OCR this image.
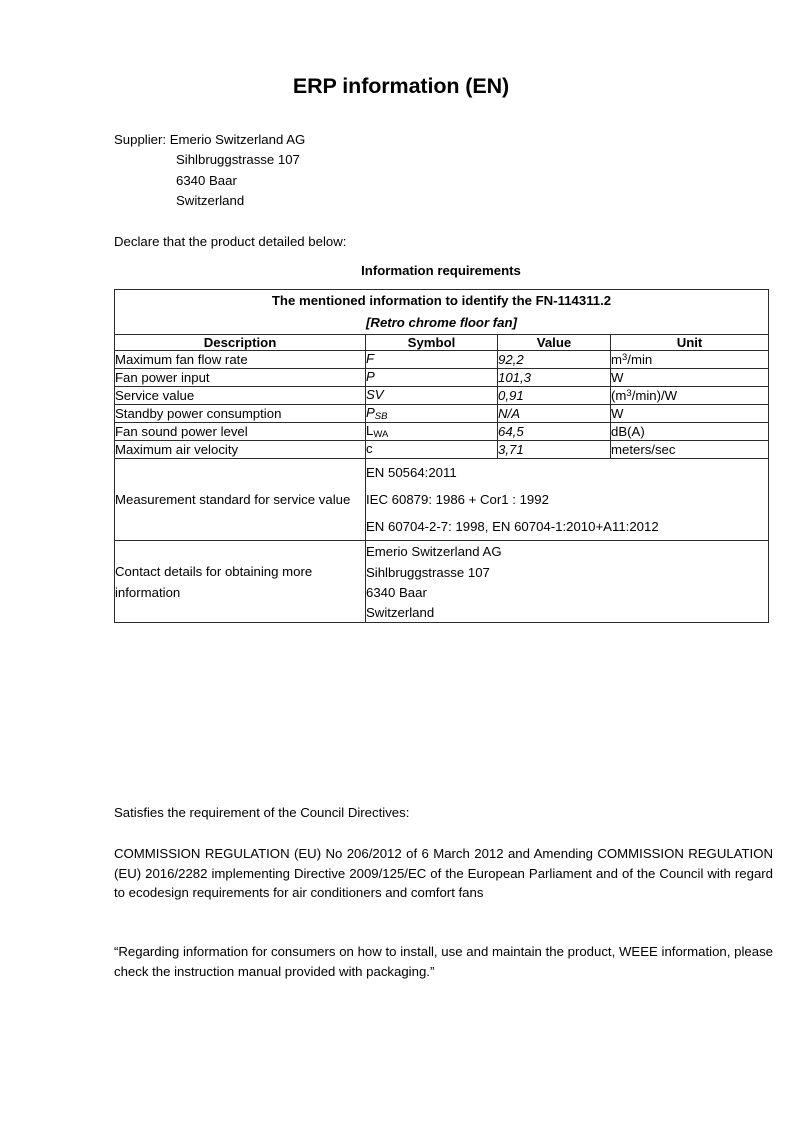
ERP information (EN)
Supplier: Emerio Switzerland AG
Sihlbruggstrasse 107
6340 Baar
Switzerland
Declare that the product detailed below:
Information requirements
The mentioned information to identify the FN-114311.2
[Retro chrome floor fan]			

Description	Symbol	Value	Unit
Maximum fan flow rate	F	92,2	$m^3/\min$
Fan power input	P	101,3	W
Service value	SV	0,91	$(m^3/\min)/W$
Standby power consumption	$P_{SB}$	N/A	W
Fan sound power level	$L_{WA}$	64,5	dB(A)
Maximum air velocity	c	3,71	meters/sec
Measurement standard for service value	EN 50564:2011
IEC 60879: 1986 + Cor1 : 1992
EN 60704-2-7: 1998, EN 60704-1:2010+A11:2012		

Contact details for obtaining more information	Emerio Switzerland AG
Sihlbruggstrasse 107
6340 Baar
Switzerland		
Satisfies the requirement of the Council Directives:
COMMISSION REGULATION (EU) No 206/2012 of 6 March 2012 and Amending COMMISSION REGULATION (EU) 2016/2282 implementing Directive 2009/125/EC of the European Parliament and of the Council with regard to ecodesign requirements for air conditioners and comfort fans
“Regarding information for consumers on how to install, use and maintain the product, WEEE information, please check the instruction manual provided with packaging.”
